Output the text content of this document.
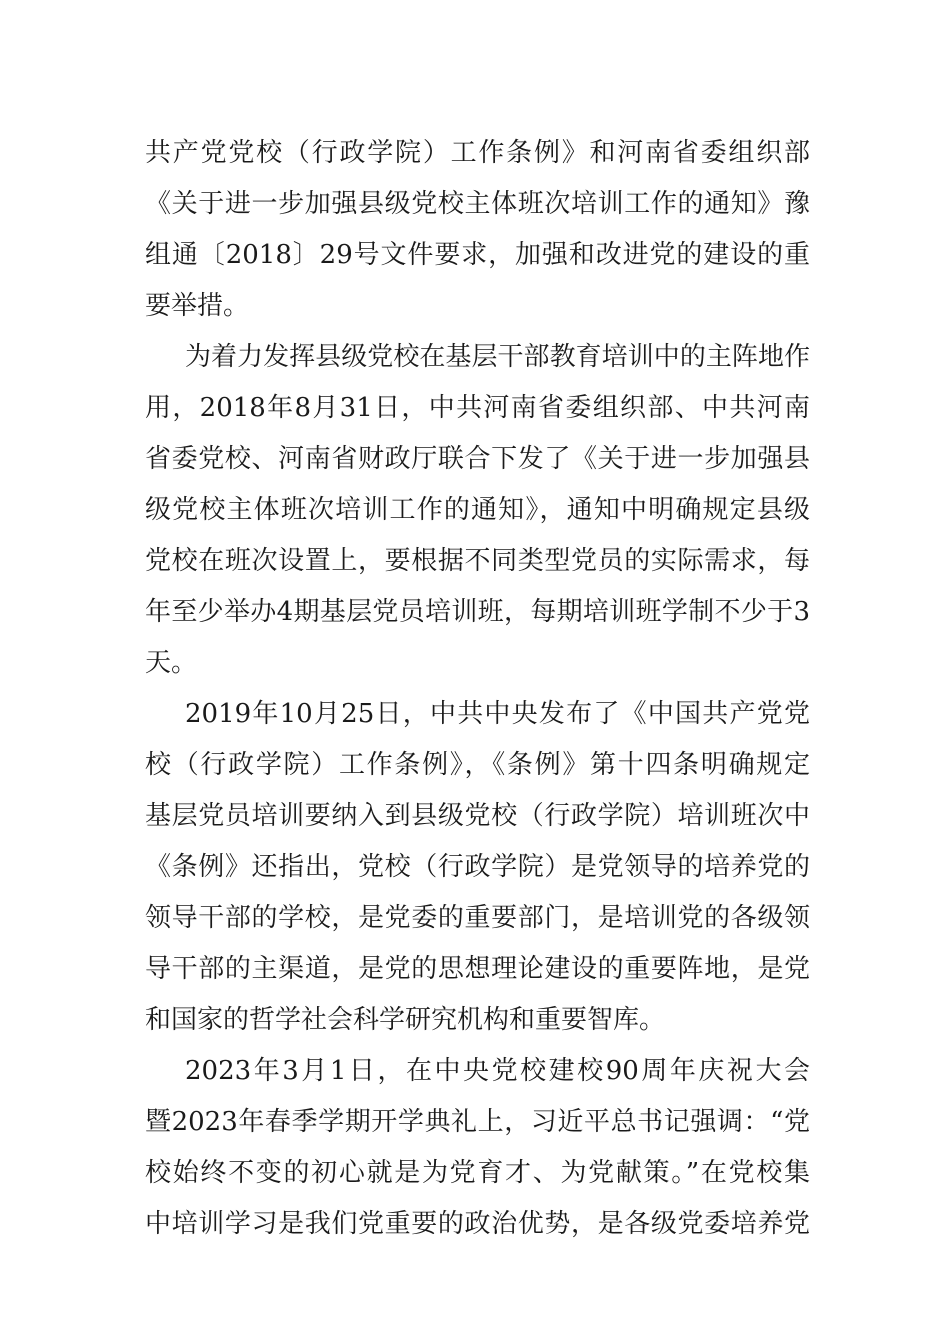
共产党党校（行政学院）工作条例》和河南省委组织部
《关于进一步加强县级党校主体班次培训工作的通知》豫
组通〔2018〕29号文件要求，加强和改进党的建设的重
要举措。
为着力发挥县级党校在基层干部教育培训中的主阵地作
用，2018年8月31日，中共河南省委组织部、中共河南
省委党校、河南省财政厅联合下发了《关于进一步加强县
级党校主体班次培训工作的通知》，通知中明确规定县级
党校在班次设置上，要根据不同类型党员的实际需求，每
年至少举办4期基层党员培训班，每期培训班学制不少于3
天。
2019年10月25日，中共中央发布了《中国共产党党
校（行政学院）工作条例》，《条例》第十四条明确规定
基层党员培训要纳入到县级党校（行政学院）培训班次中
《条例》还指出，党校（行政学院）是党领导的培养党的
领导干部的学校，是党委的重要部门，是培训党的各级领
导干部的主渠道，是党的思想理论建设的重要阵地，是党
和国家的哲学社会科学研究机构和重要智库。
2023年3月1日，在中央党校建校90周年庆祝大会
暨2023年春季学期开学典礼上，习近平总书记强调：“党
校始终不变的初心就是为党育才、为党献策。”在党校集
中培训学习是我们党重要的政治优势，是各级党委培养党
